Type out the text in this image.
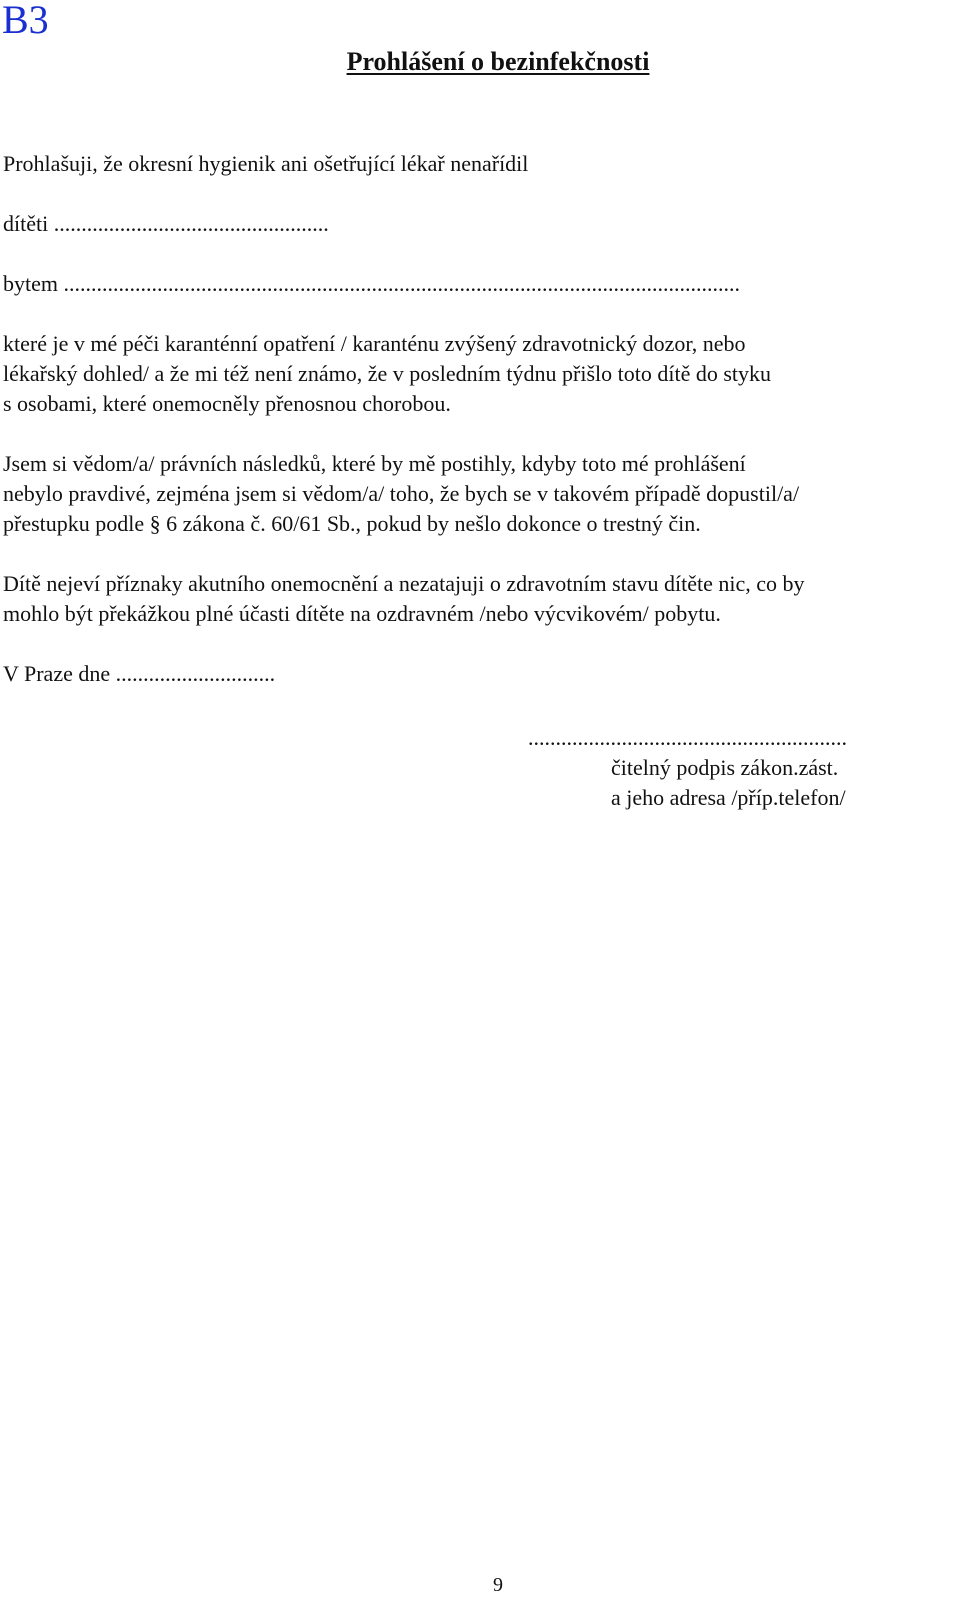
B3
Prohlášení o bezinfekčnosti
Prohlašuji, že okresní hygienik ani ošetřující lékař nenařídil
dítěti ..................................................
bytem ...........................................................................................................................
které je v mé péči karanténní opatření / karanténu zvýšený zdravotnický dozor, nebo
lékařský dohled/ a že mi též není známo, že v posledním týdnu přišlo toto dítě do styku
s osobami, které onemocněly přenosnou chorobou.
Jsem si vědom/a/ právních následků, které by mě postihly, kdyby toto mé prohlášení
nebylo pravdivé, zejména jsem si vědom/a/ toho, že bych se v takovém případě dopustil/a/
přestupku podle § 6 zákona č. 60/61 Sb., pokud by nešlo dokonce o trestný čin.
Dítě nejeví příznaky akutního onemocnění a nezatajuji o zdravotním stavu dítěte nic, co by
mohlo být překážkou plné účasti dítěte na ozdravném /nebo výcvikovém/ pobytu.
V Praze dne .............................
..........................................................
čitelný podpis zákon.zást.
a jeho adresa /příp.telefon/
9
